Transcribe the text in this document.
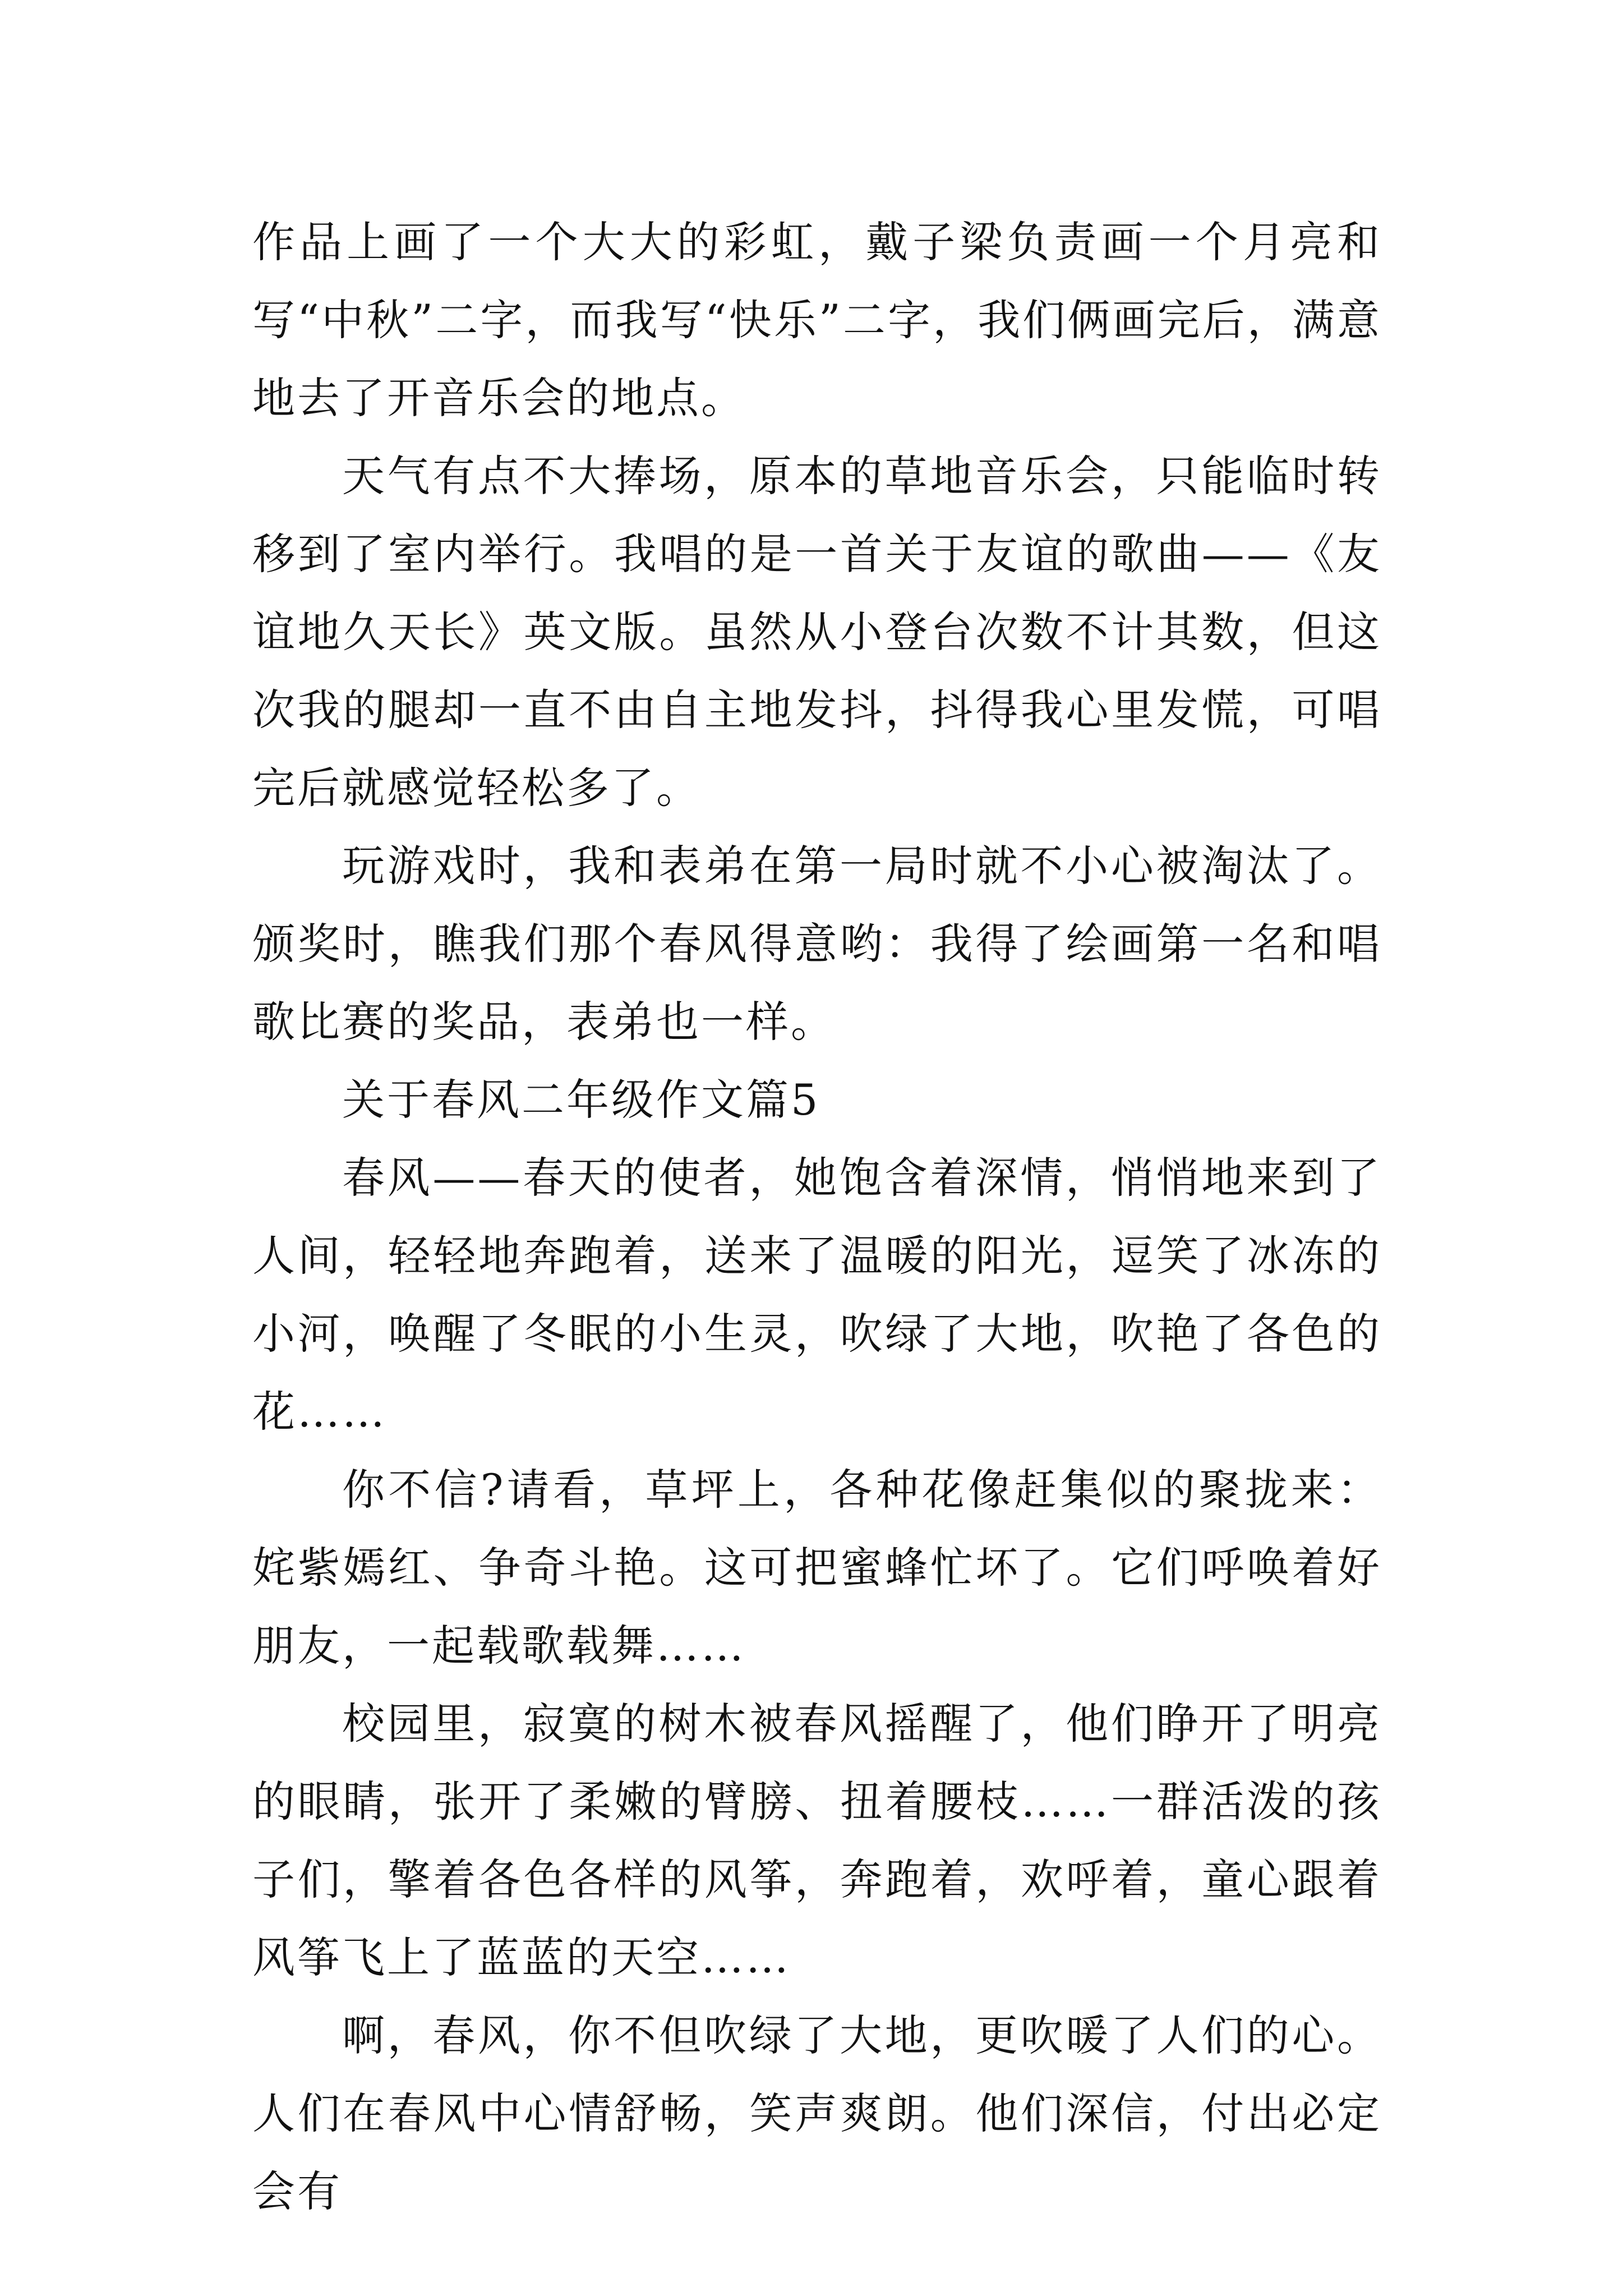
作品上画了一个大大的彩虹，戴子梁负责画一个月亮和写“中秋”二字，而我写“快乐”二字，我们俩画完后，满意地去了开音乐会的地点。

天气有点不大捧场，原本的草地音乐会，只能临时转移到了室内举行。我唱的是一首关于友谊的歌曲——《友谊地久天长》英文版。虽然从小登台次数不计其数，但这次我的腿却一直不由自主地发抖，抖得我心里发慌，可唱完后就感觉轻松多了。

玩游戏时，我和表弟在第一局时就不小心被淘汰了。颁奖时，瞧我们那个春风得意哟：我得了绘画第一名和唱歌比赛的奖品，表弟也一样。

关于春风二年级作文篇5

春风——春天的使者，她饱含着深情，悄悄地来到了人间，轻轻地奔跑着，送来了温暖的阳光，逗笑了冰冻的小河，唤醒了冬眠的小生灵，吹绿了大地，吹艳了各色的花……

你不信?请看，草坪上，各种花像赶集似的聚拢来：姹紫嫣红、争奇斗艳。这可把蜜蜂忙坏了。它们呼唤着好朋友，一起载歌载舞……

校园里，寂寞的树木被春风摇醒了，他们睁开了明亮的眼睛，张开了柔嫩的臂膀、扭着腰枝……一群活泼的孩子们，擎着各色各样的风筝，奔跑着，欢呼着，童心跟着风筝飞上了蓝蓝的天空……

啊，春风，你不但吹绿了大地，更吹暖了人们的心。人们在春风中心情舒畅，笑声爽朗。他们深信，付出必定会有
